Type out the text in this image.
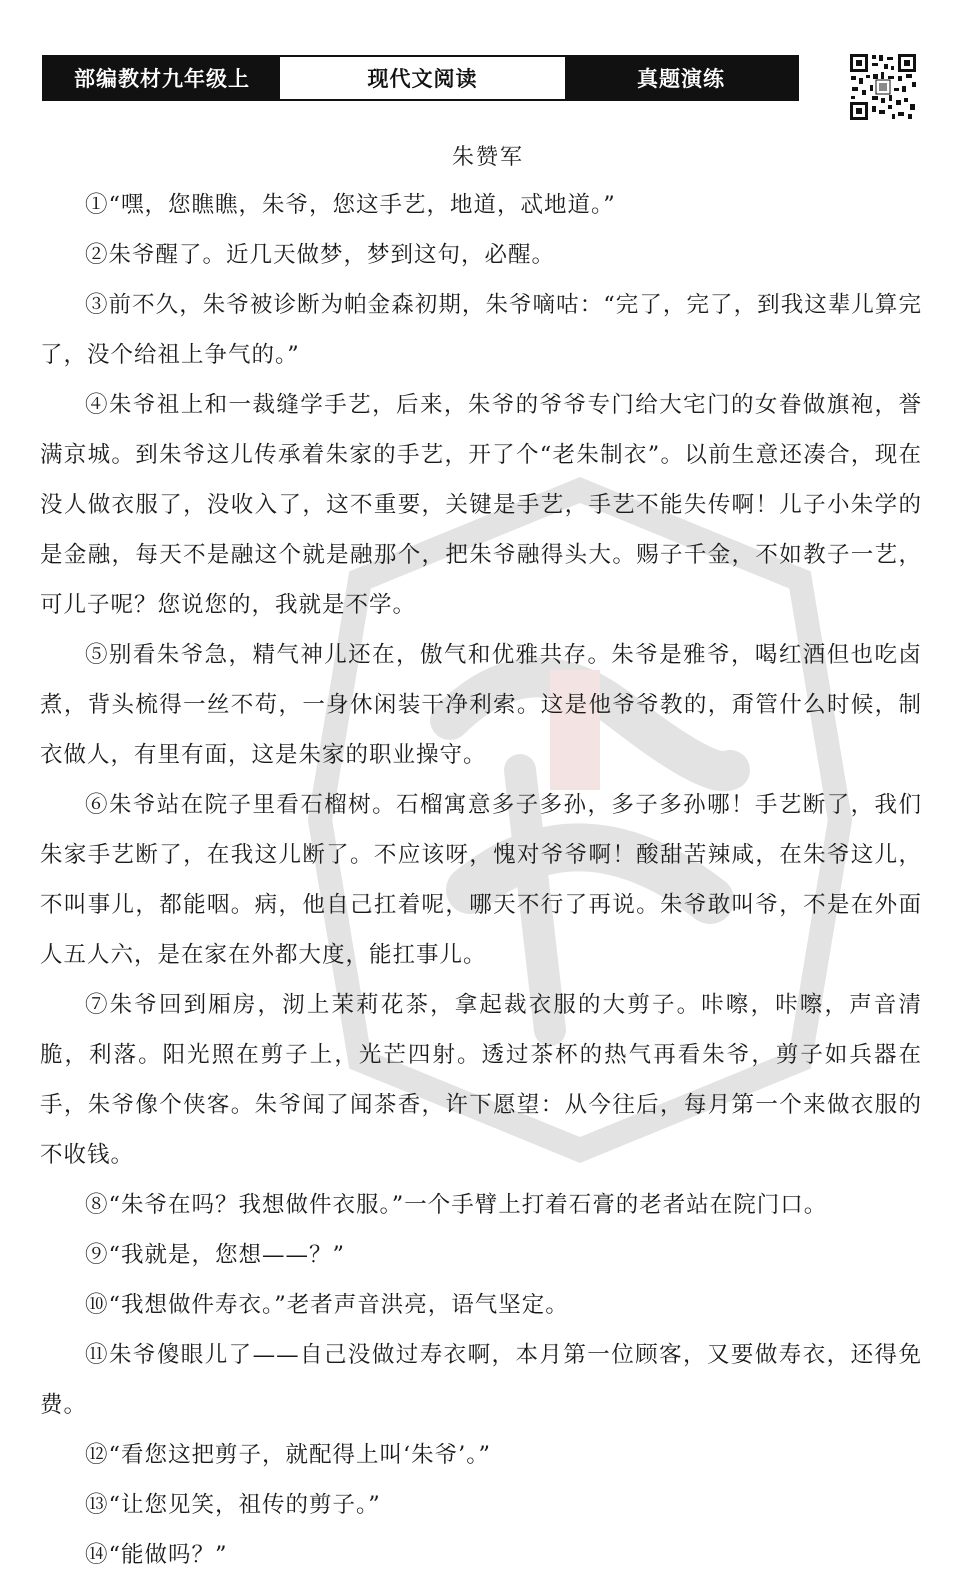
部编教材九年级上	现代文阅读	真题演练
朱赞军

①“嘿，您瞧瞧，朱爷，您这手艺，地道，忒地道。”

②朱爷醒了。近几天做梦，梦到这句，必醒。

③前不久，朱爷被诊断为帕金森初期，朱爷嘀咕：“完了，完了，到我这辈儿算完了，没个给祖上争气的。”

④朱爷祖上和一裁缝学手艺，后来，朱爷的爷爷专门给大宅门的女眷做旗袍，誉满京城。到朱爷这儿传承着朱家的手艺，开了个“老朱制衣”。以前生意还凑合，现在没人做衣服了，没收入了，这不重要，关键是手艺，手艺不能失传啊！儿子小朱学的是金融，每天不是融这个就是融那个，把朱爷融得头大。赐子千金，不如教子一艺，可儿子呢？您说您的，我就是不学。

⑤别看朱爷急，精气神儿还在，傲气和优雅共存。朱爷是雅爷，喝红酒但也吃卤煮，背头梳得一丝不苟，一身休闲装干净利索。这是他爷爷教的，甭管什么时候，制衣做人，有里有面，这是朱家的职业操守。

⑥朱爷站在院子里看石榴树。石榴寓意多子多孙，多子多孙哪！手艺断了，我们朱家手艺断了，在我这儿断了。不应该呀，愧对爷爷啊！酸甜苦辣咸，在朱爷这儿，不叫事儿，都能咽。病，他自己扛着呢，哪天不行了再说。朱爷敢叫爷，不是在外面人五人六，是在家在外都大度，能扛事儿。

⑦朱爷回到厢房，沏上茉莉花茶，拿起裁衣服的大剪子。咔嚓，咔嚓，声音清脆，利落。阳光照在剪子上，光芒四射。透过茶杯的热气再看朱爷，剪子如兵器在手，朱爷像个侠客。朱爷闻了闻茶香，许下愿望：从今往后，每月第一个来做衣服的不收钱。

⑧“朱爷在吗？我想做件衣服。”一个手臂上打着石膏的老者站在院门口。

⑨“我就是，您想——？”

⑩“我想做件寿衣。”老者声音洪亮，语气坚定。

⑪朱爷傻眼儿了——自己没做过寿衣啊，本月第一位顾客，又要做寿衣，还得免费。

⑫“看您这把剪子，就配得上叫‘朱爷’。”

⑬“让您见笑，祖传的剪子。”

⑭“能做吗？”
